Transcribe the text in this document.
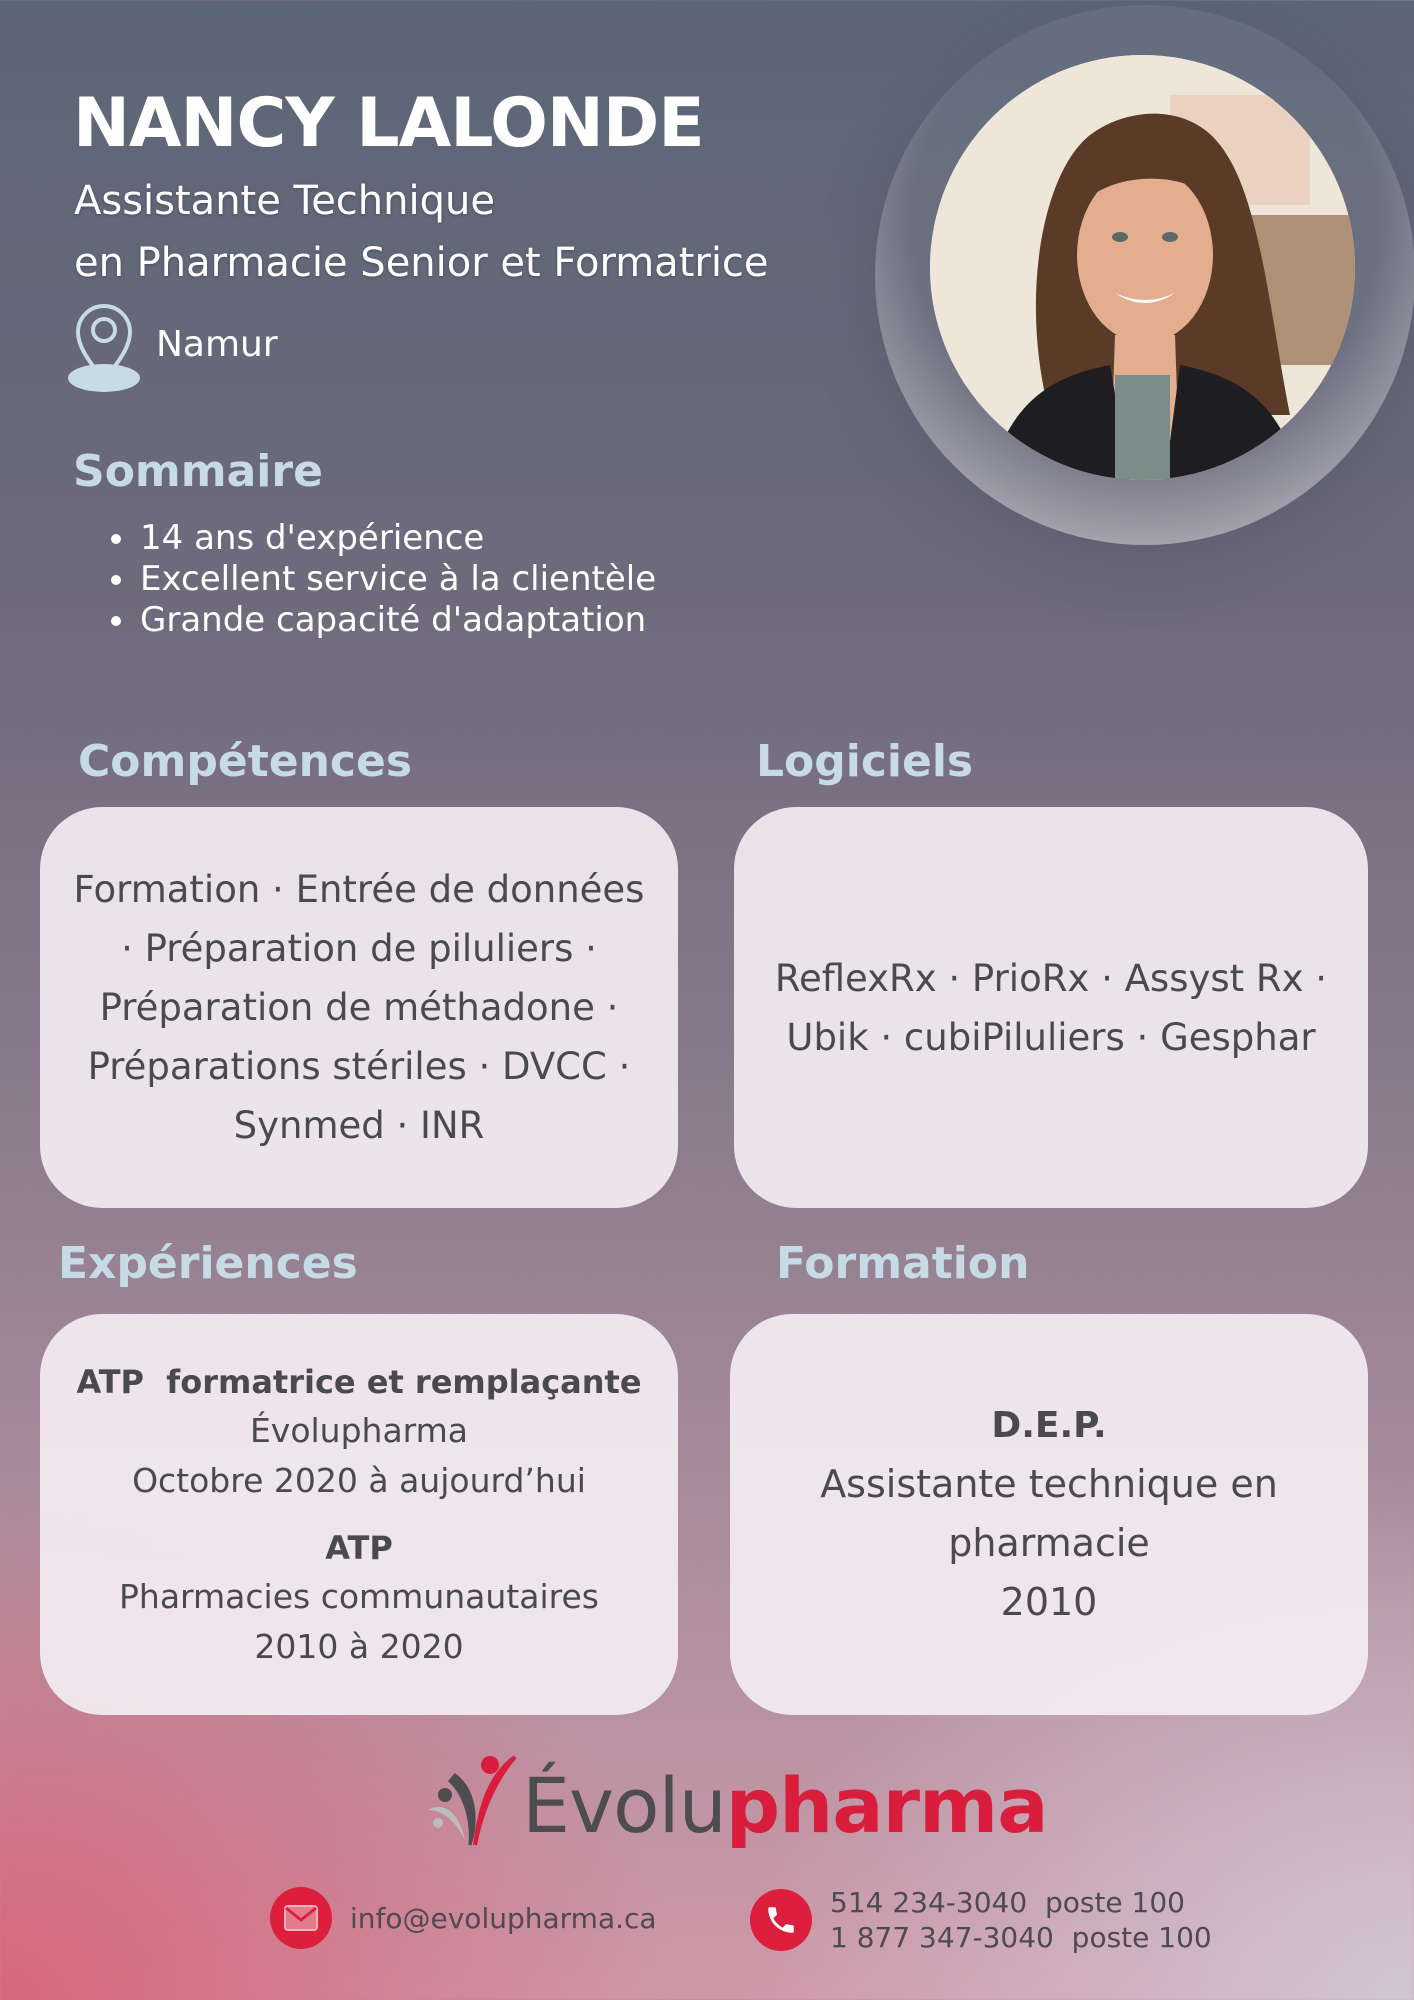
NANCY LALONDE
Assistante Technique
en Pharmacie Senior et Formatrice
Namur
Sommaire
• 14 ans d'expérience
• Excellent service à la clientèle
• Grande capacité d'adaptation
Compétences
Formation · Entrée de données · Préparation de piluliers · Préparation de méthadone · Préparations stériles · DVCC · Synmed · INR
Logiciels
ReflexRx · PrioRx · Assyst Rx · Ubik · cubiPiluliers · Gesphar
Expériences
ATP  formatrice et remplaçante
Évolupharma
Octobre 2020 à aujourd’hui
ATP
Pharmacies communautaires
2010 à 2020
Formation
D.E.P.
Assistante technique en
pharmacie
2010
Évolupharma
info@evolupharma.ca	514 234-3040  poste 100
1 877 347-3040  poste 100
